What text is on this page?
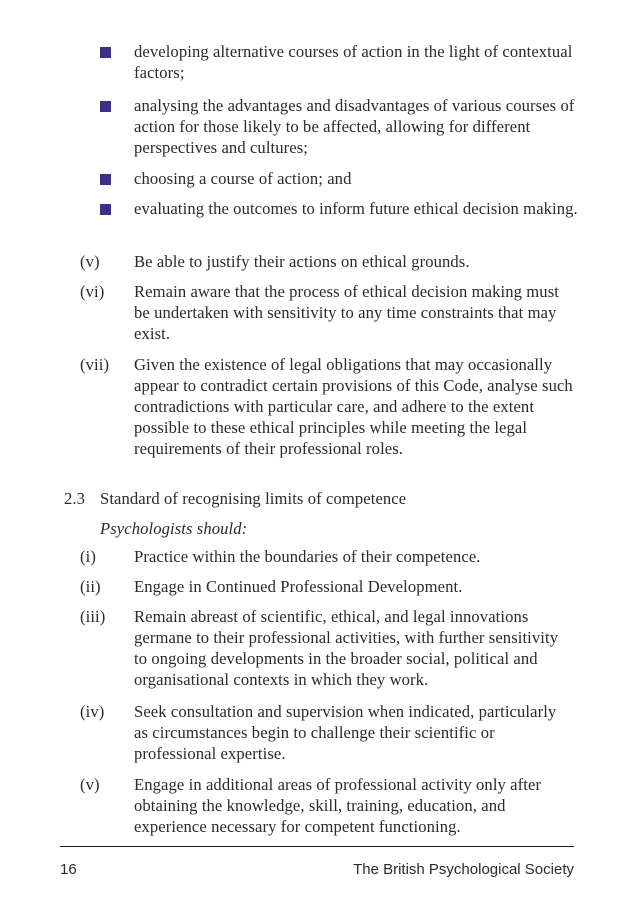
developing alternative courses of action in the light of contextual factors;
analysing the advantages and disadvantages of various courses of action for those likely to be affected, allowing for different perspectives and cultures;
choosing a course of action; and
evaluating the outcomes to inform future ethical decision making.
(v) Be able to justify their actions on ethical grounds.
(vi) Remain aware that the process of ethical decision making must be undertaken with sensitivity to any time constraints that may exist.
(vii) Given the existence of legal obligations that may occasionally appear to contradict certain provisions of this Code, analyse such contradictions with particular care, and adhere to the extent possible to these ethical principles while meeting the legal requirements of their professional roles.
2.3 Standard of recognising limits of competence
Psychologists should:
(i) Practice within the boundaries of their competence.
(ii) Engage in Continued Professional Development.
(iii) Remain abreast of scientific, ethical, and legal innovations germane to their professional activities, with further sensitivity to ongoing developments in the broader social, political and organisational contexts in which they work.
(iv) Seek consultation and supervision when indicated, particularly as circumstances begin to challenge their scientific or professional expertise.
(v) Engage in additional areas of professional activity only after obtaining the knowledge, skill, training, education, and experience necessary for competent functioning.
16	The British Psychological Society
